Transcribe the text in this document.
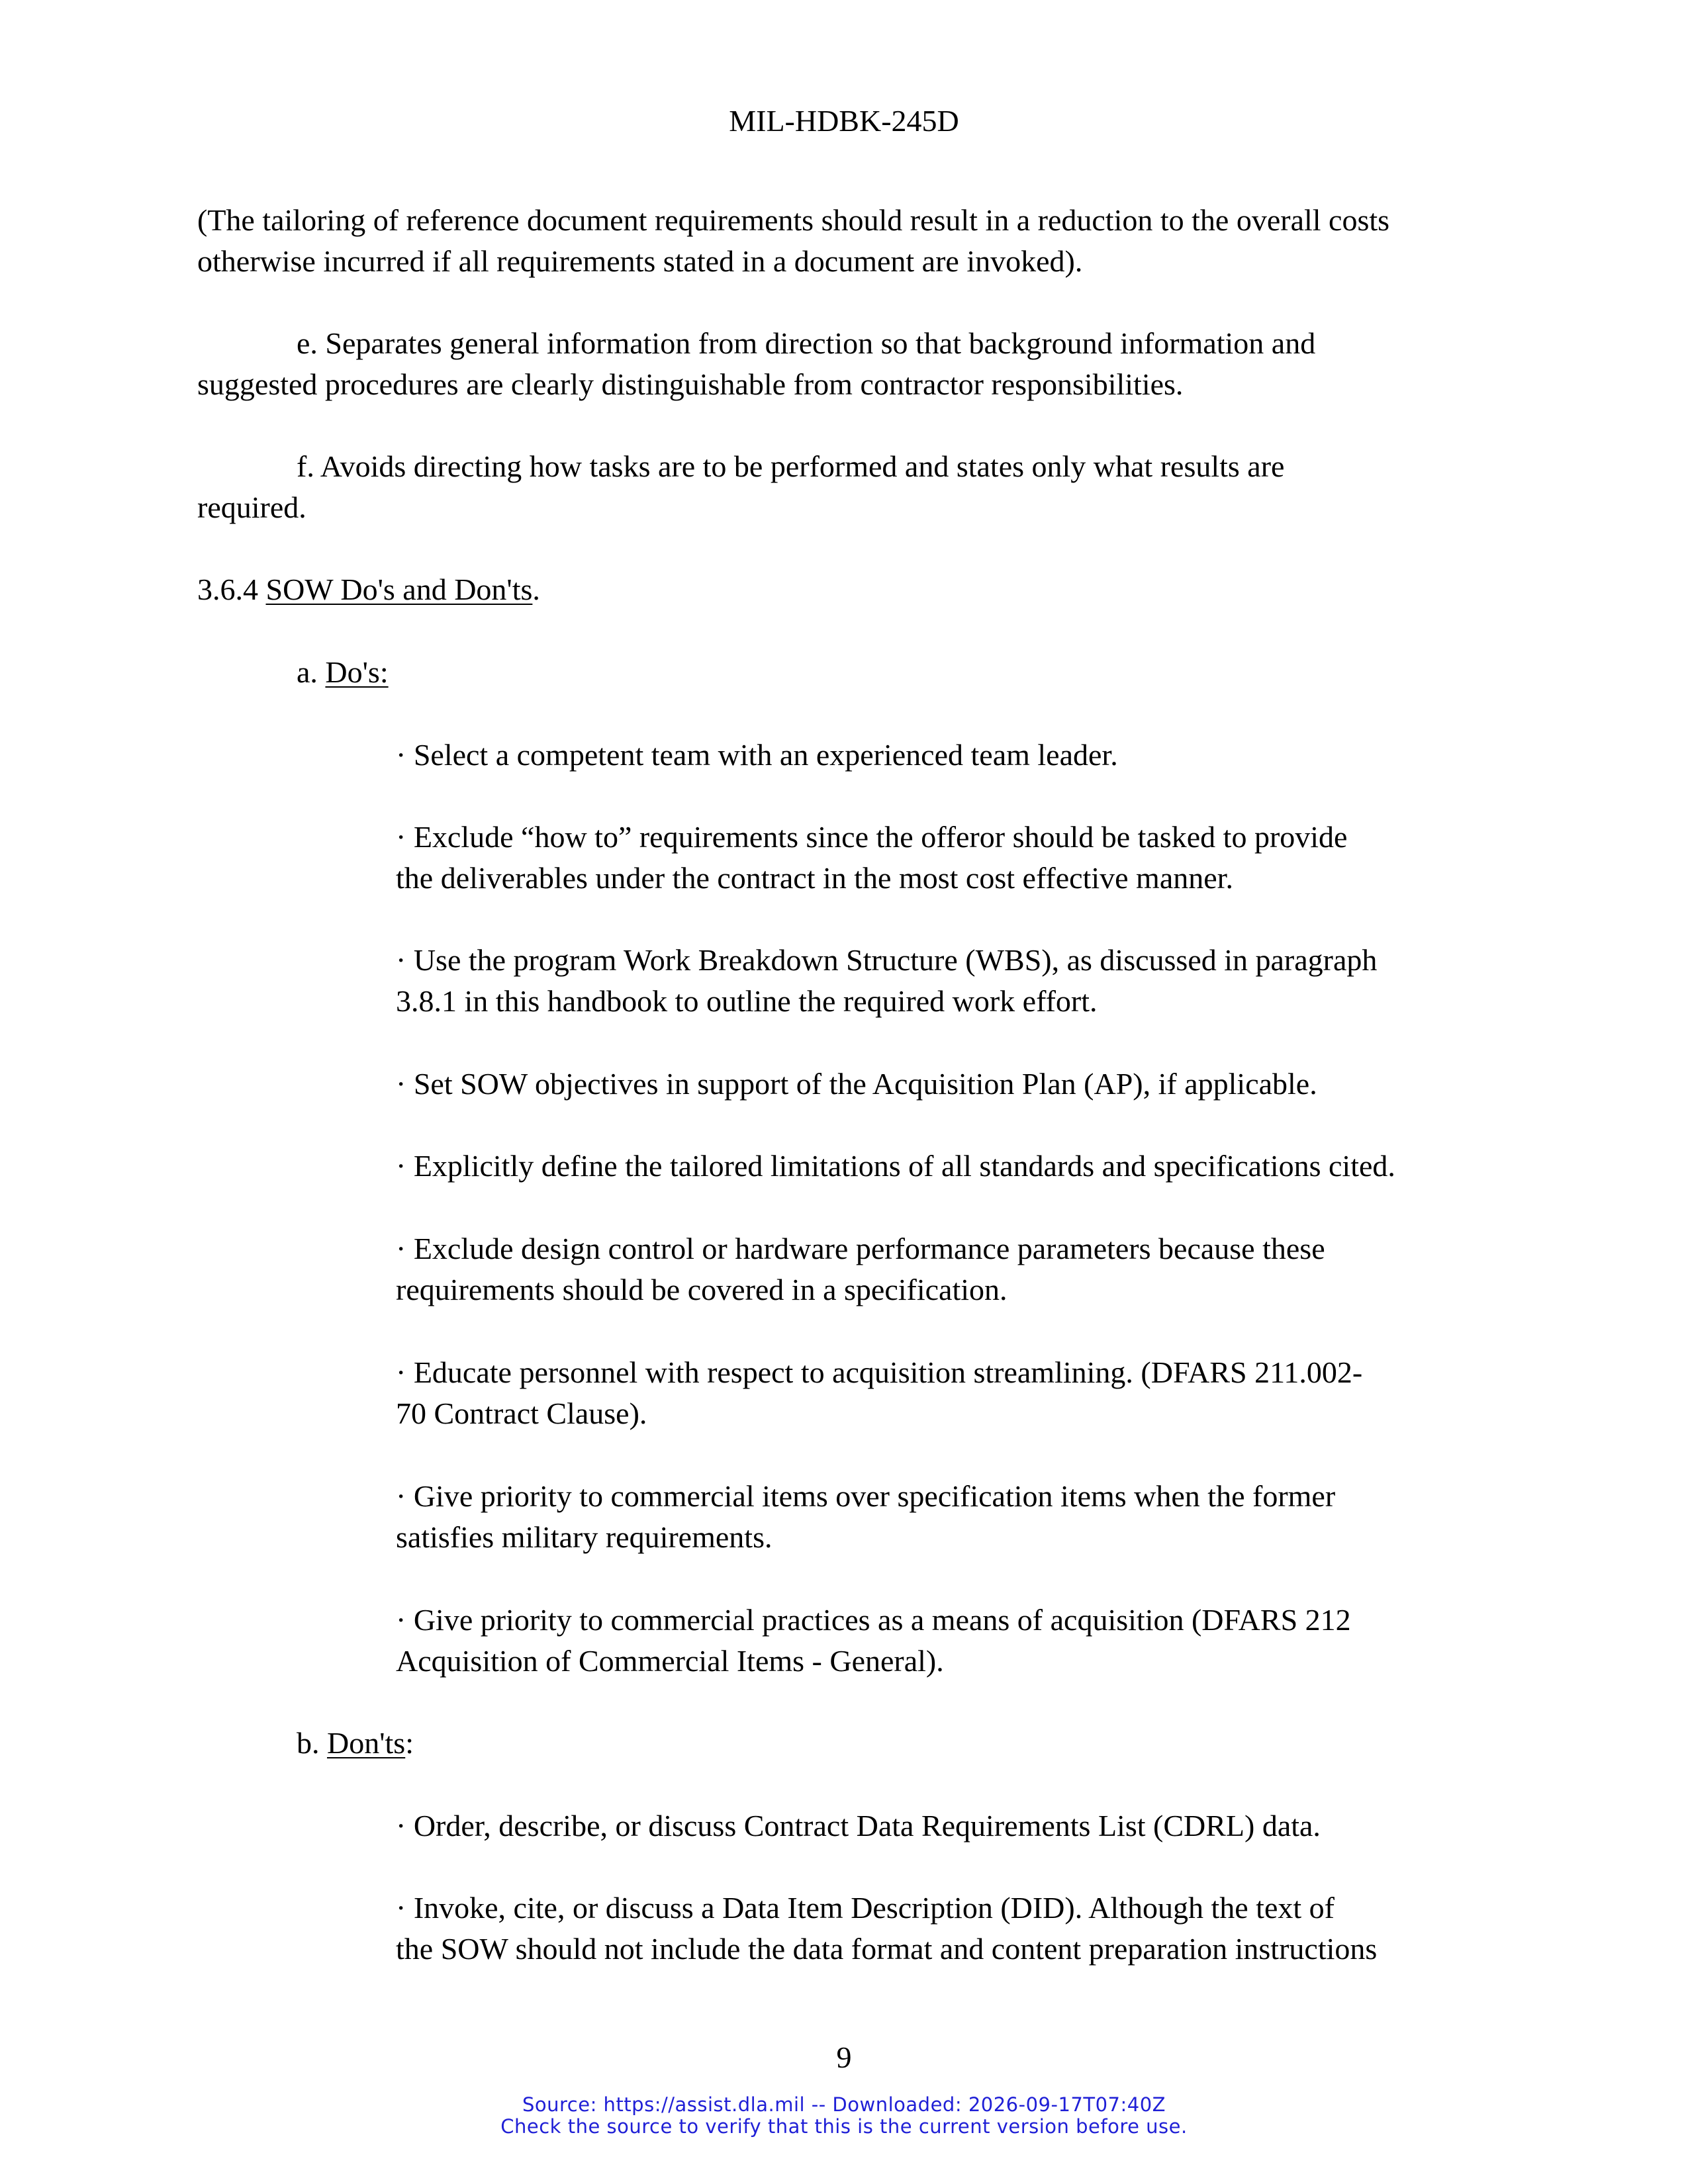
MIL-HDBK-245D
(The tailoring of reference document requirements should result in a reduction to the overall costs
otherwise incurred if all requirements stated in a document are invoked).
e. Separates general information from direction so that background information and
suggested procedures are clearly distinguishable from contractor responsibilities.
f. Avoids directing how tasks are to be performed and states only what results are
required.
3.6.4 SOW Do's and Don'ts.
a. Do's:
· Select a competent team with an experienced team leader.
· Exclude “how to” requirements since the offeror should be tasked to provide
the deliverables under the contract in the most cost effective manner.
· Use the program Work Breakdown Structure (WBS), as discussed in paragraph
3.8.1 in this handbook to outline the required work effort.
· Set SOW objectives in support of the Acquisition Plan (AP), if applicable.
· Explicitly define the tailored limitations of all standards and specifications cited.
· Exclude design control or hardware performance parameters because these
requirements should be covered in a specification.
· Educate personnel with respect to acquisition streamlining. (DFARS 211.002-
70 Contract Clause).
· Give priority to commercial items over specification items when the former
satisfies military requirements.
· Give priority to commercial practices as a means of acquisition (DFARS 212
Acquisition of Commercial Items - General).
b. Don'ts:
· Order, describe, or discuss Contract Data Requirements List (CDRL) data.
· Invoke, cite, or discuss a Data Item Description (DID). Although the text of
the SOW should not include the data format and content preparation instructions
9
Source: https://assist.dla.mil -- Downloaded: 2026-09-17T07:40Z
Check the source to verify that this is the current version before use.
